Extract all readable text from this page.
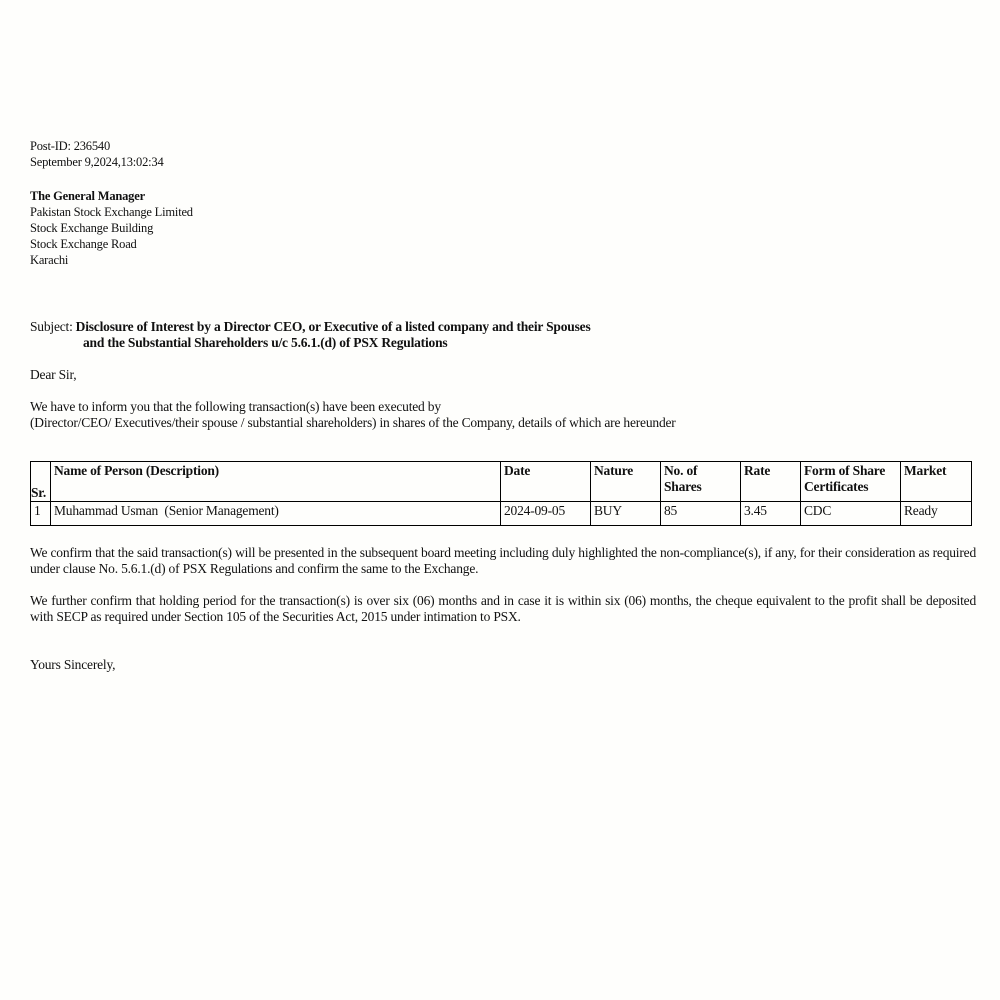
Post-ID: 236540
September 9,2024,13:02:34
The General Manager
Pakistan Stock Exchange Limited
Stock Exchange Building
Stock Exchange Road
Karachi
Subject: Disclosure of Interest by a Director CEO, or Executive of a listed company and their Spouses
and the Substantial Shareholders u/c 5.6.1.(d) of PSX Regulations
Dear Sir,
We have to inform you that the following transaction(s) have been executed by
(Director/CEO/ Executives/their spouse / substantial shareholders) in shares of the Company, details of which are hereunder
Sr.	Name of Person (Description)	Date	Nature	No. of Shares	Rate	Form of Share Certificates	Market
1	Muhammad Usman  (Senior Management)	2024-09-05	BUY	85	3.45	CDC	Ready
We confirm that the said transaction(s) will be presented in the subsequent board meeting including duly highlighted the non-compliance(s), if any, for their consideration as required under clause No. 5.6.1.(d) of PSX Regulations and confirm the same to the Exchange.
We further confirm that holding period for the transaction(s) is over six (06) months and in case it is within six (06) months, the cheque equivalent to the profit shall be deposited with SECP as required under Section 105 of the Securities Act, 2015 under intimation to PSX.
Yours Sincerely,
